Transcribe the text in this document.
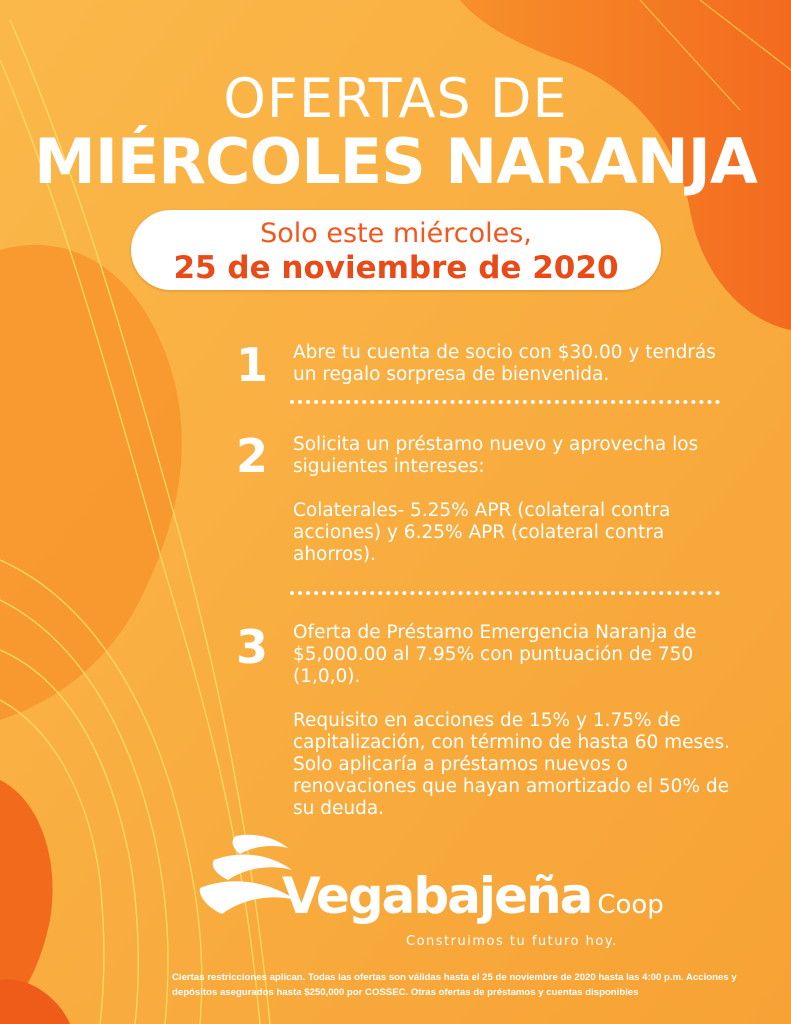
OFERTAS DE
MIÉRCOLES NARANJA
Solo este miércoles,
25 de noviembre de 2020
1 Abre tu cuenta de socio con $30.00 y tendrás un regalo sorpresa de bienvenida.

2 Solicita un préstamo nuevo y aprovecha los siguientes intereses:

Colaterales- 5.25% APR (colateral contra acciones) y 6.25% APR (colateral contra ahorros).

3 Oferta de Préstamo Emergencia Naranja de $5,000.00 al 7.95% con puntuación de 750 (1,0,0).

Requisito en acciones de 15% y 1.75% de capitalización, con término de hasta 60 meses. Solo aplicaría a préstamos nuevos o renovaciones que hayan amortizado el 50% de su deuda.

Vegabajeña Coop
Construimos tu futuro hoy.
Ciertas restricciones aplican. Todas las ofertas son válidas hasta el 25 de noviembre de 2020 hasta las 4:00 p.m. Acciones y depósitos asegurados hasta $250,000 por COSSEC. Otras ofertas de préstamos y cuentas disponibles
